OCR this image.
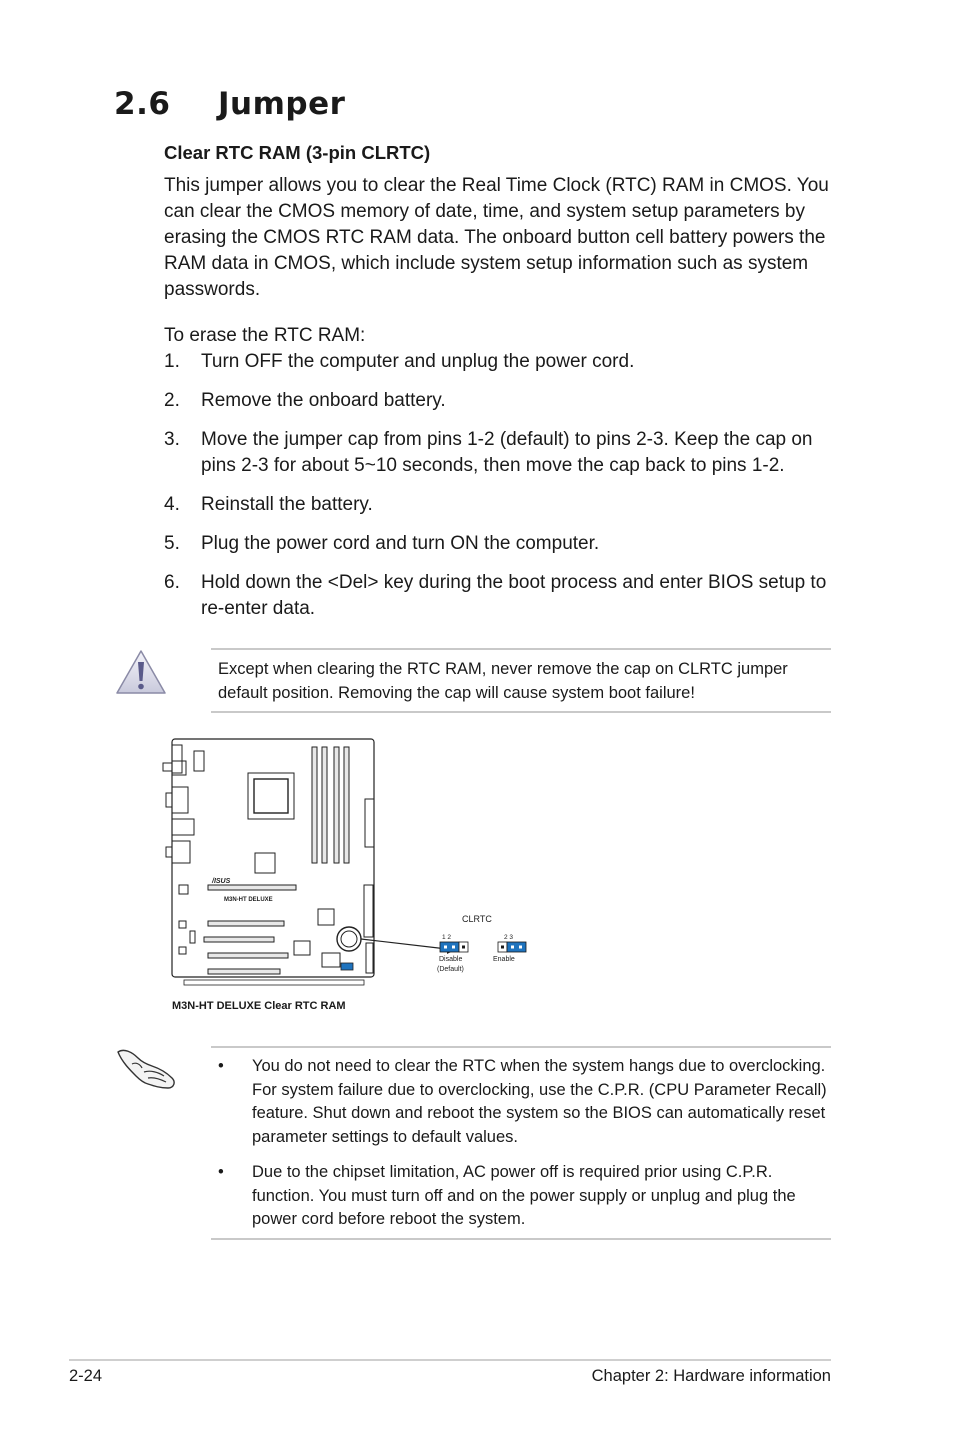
2.6 Jumper
Clear RTC RAM (3-pin CLRTC)
This jumper allows you to clear the Real Time Clock (RTC) RAM in CMOS. You can clear the CMOS memory of date, time, and system setup parameters by erasing the CMOS RTC RAM data. The onboard button cell battery powers the RAM data in CMOS, which include system setup information such as system passwords.
To erase the RTC RAM:
1. Turn OFF the computer and unplug the power cord.
2. Remove the onboard battery.
3. Move the jumper cap from pins 1-2 (default) to pins 2-3. Keep the cap on pins 2-3 for about 5~10 seconds, then move the cap back to pins 1-2.
4. Reinstall the battery.
5. Plug the power cord and turn ON the computer.
6. Hold down the <Del> key during the boot process and enter BIOS setup to re-enter data.
Except when clearing the RTC RAM, never remove the cap on CLRTC jumper default position. Removing the cap will cause system boot failure!
/ISUS
M3N-HT DELUXE
CLRTC
1 2	2 3
Disable
(Default)
Enable
M3N-HT DELUXE Clear RTC RAM
• You do not need to clear the RTC when the system hangs due to overclocking. For system failure due to overclocking, use the C.P.R. (CPU Parameter Recall) feature. Shut down and reboot the system so the BIOS can automatically reset parameter settings to default values.
• Due to the chipset limitation, AC power off is required prior using C.P.R. function. You must turn off and on the power supply or unplug and plug the power cord before reboot the system.
2-24	Chapter 2: Hardware information
